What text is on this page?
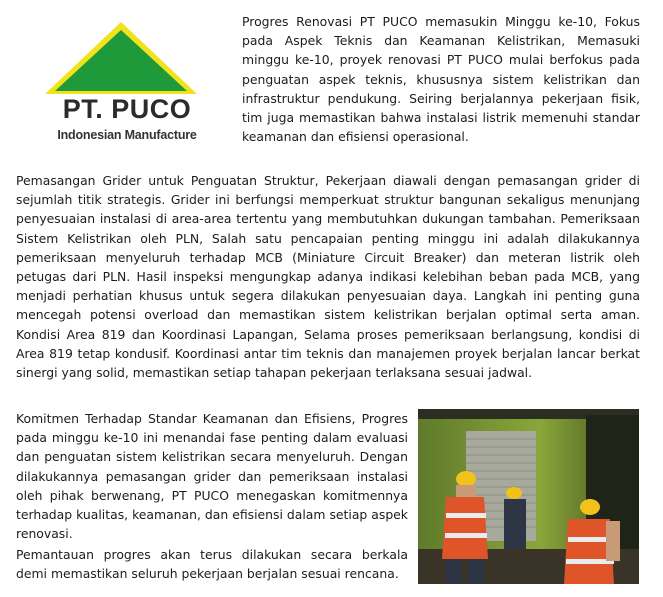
PT. PUCO
Indonesian Manufacture

Progres Renovasi PT PUCO memasukin Minggu ke-10, Fokus pada Aspek Teknis dan Keamanan Kelistrikan, Memasuki minggu ke-10, proyek renovasi PT PUCO mulai berfokus pada penguatan aspek teknis, khususnya sistem kelistrikan dan infrastruktur pendukung. Seiring berjalannya pekerjaan fisik, tim juga memastikan bahwa instalasi listrik memenuhi standar keamanan dan efisiensi operasional.

Pemasangan Grider untuk Penguatan Struktur, Pekerjaan diawali dengan pemasangan grider di sejumlah titik strategis. Grider ini berfungsi memperkuat struktur bangunan sekaligus menunjang penyesuaian instalasi di area-area tertentu yang membutuhkan dukungan tambahan. Pemeriksaan Sistem Kelistrikan oleh PLN, Salah satu pencapaian penting minggu ini adalah dilakukannya pemeriksaan menyeluruh terhadap MCB (Miniature Circuit Breaker) dan meteran listrik oleh petugas dari PLN. Hasil inspeksi mengungkap adanya indikasi kelebihan beban pada MCB, yang menjadi perhatian khusus untuk segera dilakukan penyesuaian daya. Langkah ini penting guna mencegah potensi overload dan memastikan sistem kelistrikan berjalan optimal serta aman. Kondisi Area 819 dan Koordinasi Lapangan, Selama proses pemeriksaan berlangsung, kondisi di Area 819 tetap kondusif. Koordinasi antar tim teknis dan manajemen proyek berjalan lancar berkat sinergi yang solid, memastikan setiap tahapan pekerjaan terlaksana sesuai jadwal.

Komitmen Terhadap Standar Keamanan dan Efisiens, Progres pada minggu ke-10 ini menandai fase penting dalam evaluasi dan penguatan sistem kelistrikan secara menyeluruh. Dengan dilakukannya pemasangan grider dan pemeriksaan instalasi oleh pihak berwenang, PT PUCO menegaskan komitmennya terhadap kualitas, keamanan, dan efisiensi dalam setiap aspek renovasi.

Pemantauan progres akan terus dilakukan secara berkala demi memastikan seluruh pekerjaan berjalan sesuai rencana.
